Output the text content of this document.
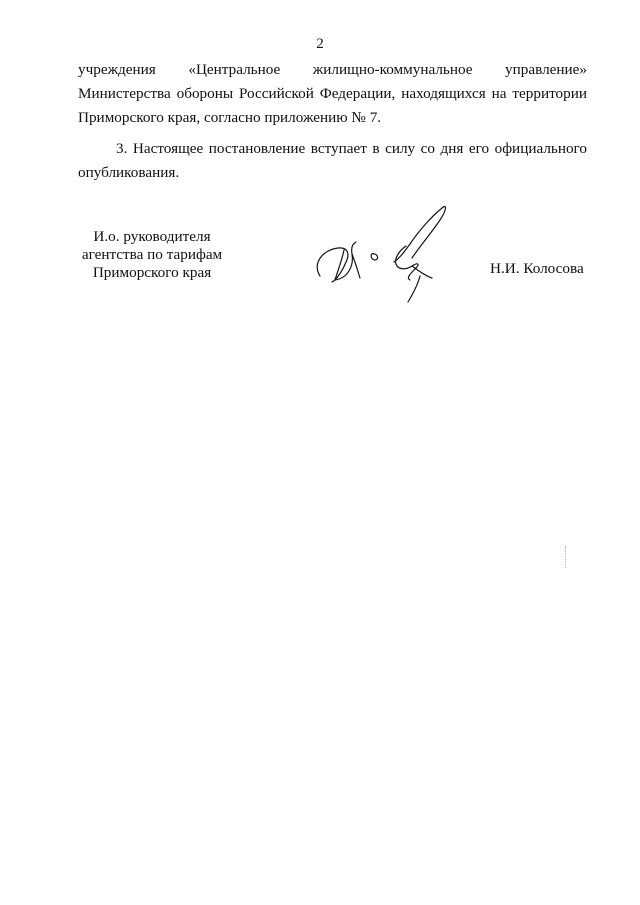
2

учреждения «Центральное жилищно-коммунальное управление» Министерства обороны Российской Федерации, находящихся на территории Приморского края, согласно приложению № 7.

3. Настоящее постановление вступает в силу со дня его официального опубликования.

И.о. руководителя
агентства по тарифам
Приморского края	Н.И. Колосова
